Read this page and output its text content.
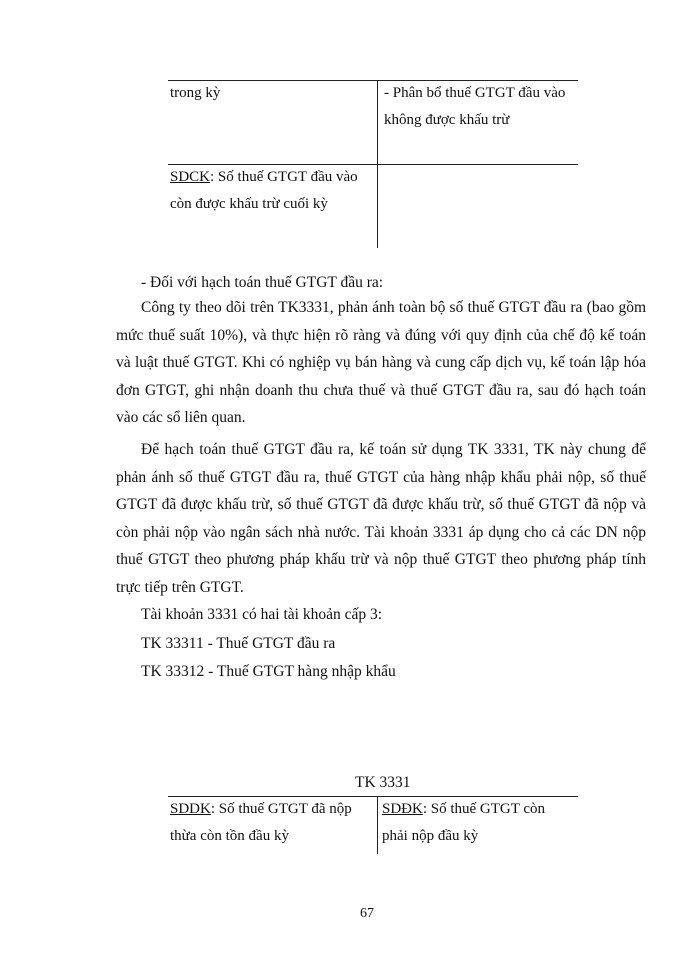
trong kỳ	- Phân bổ thuế GTGT đầu vào không được khấu trừ
SDCK: Số thuế GTGT đầu vào còn được khấu trừ cuối kỳ
- Đối với hạch toán thuế GTGT đầu ra:
Công ty theo dõi trên TK3331, phản ánh toàn bộ số thuế GTGT đầu ra (bao gồm mức thuế suất 10%), và thực hiện rõ ràng và đúng với quy định của chế độ kế toán và luật thuế GTGT. Khi có nghiệp vụ bán hàng và cung cấp dịch vụ, kế toán lập hóa đơn GTGT, ghi nhận doanh thu chưa thuế và thuế GTGT đầu ra, sau đó hạch toán vào các sổ liên quan.
Để hạch toán thuế GTGT đầu ra, kế toán sử dụng TK 3331, TK này chung để phản ánh số thuế GTGT đầu ra, thuế GTGT của hàng nhập khẩu phải nộp, số thuế GTGT đã được khấu trừ, số thuế GTGT đã được khấu trừ, số thuế GTGT đã nộp và còn phải nộp vào ngân sách nhà nước. Tài khoản 3331 áp dụng cho cả các DN nộp thuế GTGT theo phương pháp khấu trừ và nộp thuế GTGT theo phương pháp tính trực tiếp trên GTGT.
Tài khoản 3331 có hai tài khoản cấp 3:
TK 33311 - Thuế GTGT đầu ra
TK 33312 - Thuế GTGT hàng nhập khẩu
TK 3331
SDDK: Số thuế GTGT đã nộp thừa còn tồn đầu kỳ
SDĐK: Số thuế GTGT còn phải nộp đầu kỳ
67
